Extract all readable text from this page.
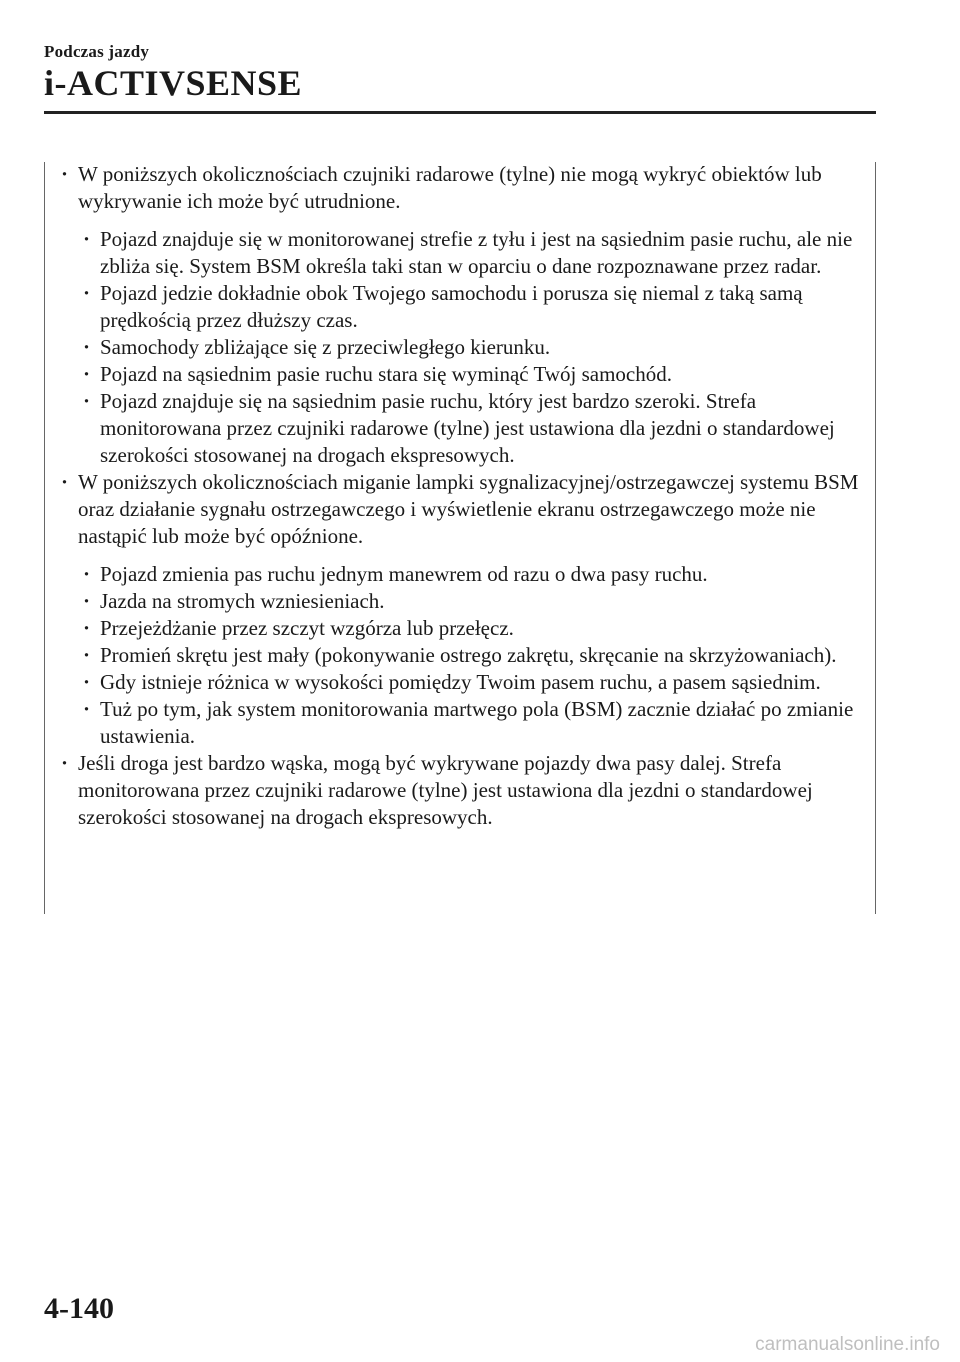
Podczas jazdy
i-ACTIVSENSE
· W poniższych okolicznościach czujniki radarowe (tylne) nie mogą wykryć obiektów lub wykrywanie ich może być utrudnione.
· Pojazd znajduje się w monitorowanej strefie z tyłu i jest na sąsiednim pasie ruchu, ale nie zbliża się. System BSM określa taki stan w oparciu o dane rozpoznawane przez radar.
· Pojazd jedzie dokładnie obok Twojego samochodu i porusza się niemal z taką samą prędkością przez dłuższy czas.
· Samochody zbliżające się z przeciwległego kierunku.
· Pojazd na sąsiednim pasie ruchu stara się wyminąć Twój samochód.
· Pojazd znajduje się na sąsiednim pasie ruchu, który jest bardzo szeroki. Strefa monitorowana przez czujniki radarowe (tylne) jest ustawiona dla jezdni o standardowej szerokości stosowanej na drogach ekspresowych.
· W poniższych okolicznościach miganie lampki sygnalizacyjnej/ostrzegawczej systemu BSM oraz działanie sygnału ostrzegawczego i wyświetlenie ekranu ostrzegawczego może nie nastąpić lub może być opóźnione.
· Pojazd zmienia pas ruchu jednym manewrem od razu o dwa pasy ruchu.
· Jazda na stromych wzniesieniach.
· Przejeżdżanie przez szczyt wzgórza lub przełęcz.
· Promień skrętu jest mały (pokonywanie ostrego zakrętu, skręcanie na skrzyżowaniach).
· Gdy istnieje różnica w wysokości pomiędzy Twoim pasem ruchu, a pasem sąsiednim.
· Tuż po tym, jak system monitorowania martwego pola (BSM) zacznie działać po zmianie ustawienia.
· Jeśli droga jest bardzo wąska, mogą być wykrywane pojazdy dwa pasy dalej. Strefa monitorowana przez czujniki radarowe (tylne) jest ustawiona dla jezdni o standardowej szerokości stosowanej na drogach ekspresowych.
4-140
carmanualsonline.info
